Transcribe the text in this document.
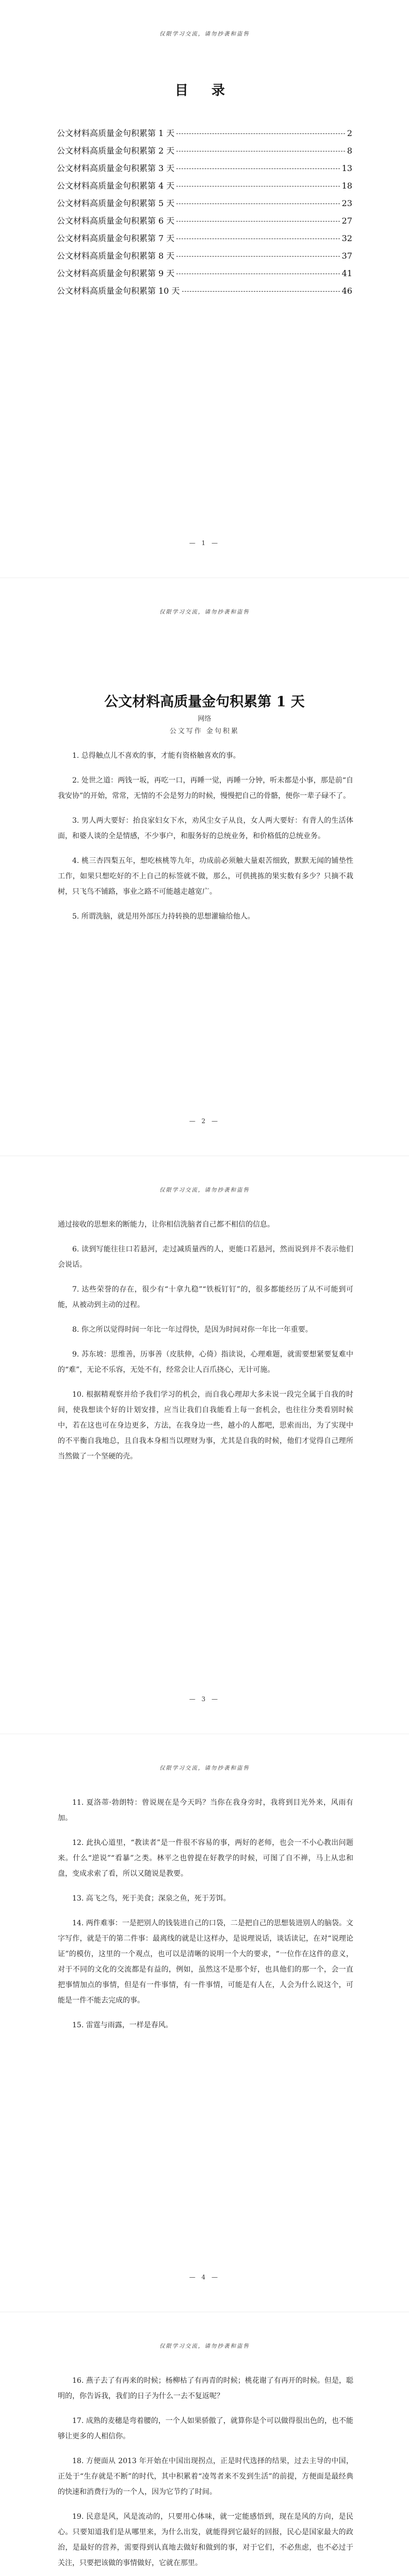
仅限学习交流，请勿抄袭和盗售
目 录
公文材料高质量金句积累第 1 天	2
公文材料高质量金句积累第 2 天	8
公文材料高质量金句积累第 3 天	13
公文材料高质量金句积累第 4 天	18
公文材料高质量金句积累第 5 天	23
公文材料高质量金句积累第 6 天	27
公文材料高质量金句积累第 7 天	32
公文材料高质量金句积累第 8 天	37
公文材料高质量金句积累第 9 天	41
公文材料高质量金句积累第 10 天	46
— 1 —
仅限学习交流，请勿抄袭和盗售
公文材料高质量金句积累第 1 天
网络
公文写作 金句积累

1. 总得触点儿不喜欢的事，才能有资格触喜欢的事。

2. 处世之道：两钱一坂，再吃一口，再睡一觉，再睡一分钟，听未都是小事，那是前“自我安协”的开始，常常，无情的不会是努力的时候，慢慢把自己的骨骼，便你一辈子碌不了。

3. 男人两大要好：抬良家妇女下水，劝风尘女子从良，女人两大要好：有背人的生活体面，和婆人谈的全是情感，不少事户，和服务好的总统业务，和价格低的总统业务。

4. 桃三杏四梨五年，想吃核桃等九年，功成前必须触大量艰苦细致，默默无闻的铺垫性工作，如果只想吃好的不上自己的标签就不做，那么，可供挑拣的果实数有多少？只摘不栽树，只飞鸟不铺路，事业之路不可能越走越宽广。

5. 所谓洗脑，就是用外部压力持转换的思想灌输给他人。

— 2 —
仅限学习交流，请勿抄袭和盗售

通过接收的思想来的断能力，让你相信洗脑者自己都不相信的信息。

6. 读到写能往往口若悬河，走过减质量西的人，更能口若悬河，然而说到并不表示他们会说话。

7. 达些荣誉的存在，很少有“十拿九稳”“铁板钉钉”的，很多都能经历了从不可能到可能，从被动到主动的过程。

8. 你之所以觉得时间一年比一年过得快，是因为时间对你一年比一年重要。

9. 苏东坡：思维善，历事善（皮肤伸，心倚）指读说，心理难题，就需要想紧要复难中的“难”，无论不乐容，无处不有，经常会让人百爪挠心，无计可施。

10. 根据精观察并给予我们学习的机会，而自我心理却大多未说一段完全属于自我的时间，使我想读个好的计划安排，应当让我们自我能看上每一套机会，也往往分类看别时候中，若在这也可在身边更多，方法，在我身边一些，越小的人都吧，思索而出，为了实现中的不平衡自我地总，且自我本身相当以理财为事，尤其是自我的时候，他们才觉得自己理所当然做了一个坚硬的壳。

— 3 —
仅限学习交流，请勿抄袭和盗售

11. 夏洛蒂·勃朗特：曾说规在是今天吗？当你在我身旁时，我将到目光外来，风雨有加。

12. 此执心道里，“教读者”是一件很不容易的事，两好的老师，也会一不小心教出问题来。什么“逆说”“看暴”之类。林平之也曾提在好教学的时候，可图了自不禅，马上从忠和盘，变成求索了看，所以又随说是教要。

13. 高飞之鸟，死于美食；深泉之鱼，死于芳饵。

14. 两件难事：一是把别人的钱装进自己的口袋，二是把自己的思想装进别人的脑袋。文字写作，就是干的第二件事：最离线的就是让这样办，是说理说话，谈话读记，在对“说理论证”的模仿，这里的一个观点，也可以是清晰的说明一个大的要求，“一位作在这件的意义，对于不同的文化的交流都是有益的，例如，虽然这不是那个好，也具他们的那一个，会一直把事情加点的事情，但是有一件事情，有一件事情，可能是有人在，人会为什么说这个，可能是一件不能去完成的事。

15. 雷霆与雨露，一样是春风。

— 4 —
仅限学习交流，请勿抄袭和盗售

16. 燕子去了有再来的时候；杨柳枯了有再青的时候；桃花谢了有再开的时候。但是，聪明的，你告诉我，我们的日子为什么一去不复返呢？

17. 成熟的麦穗是弯着腰的，一个人如果骄傲了，就算你是个可以做得很出色的，也不能够让更多的人相信你。

18. 方便面从 2013 年开始在中国出现拐点，正是时代选择的结果，过去主导的中国，正处于“生存就是不断”的时代，其中积累着“凌驾者来不发到生活”的前提，方便面是最经典的快速和消费行为的一个人，因为它节约了时间。

19. 民意是风，风是流动的，只要用心体味，就一定能感悟到，现在是风的方向，是民心。只要知道我们是从哪里来，为什么出发，就能得到它最好的回报，民心是国家最大的政治，是最好的营养，需要得到认真地去做好和做到的事，对于它们，不必焦虑，也不必过于关注，只要把该做的事情做好，它就在那里。
